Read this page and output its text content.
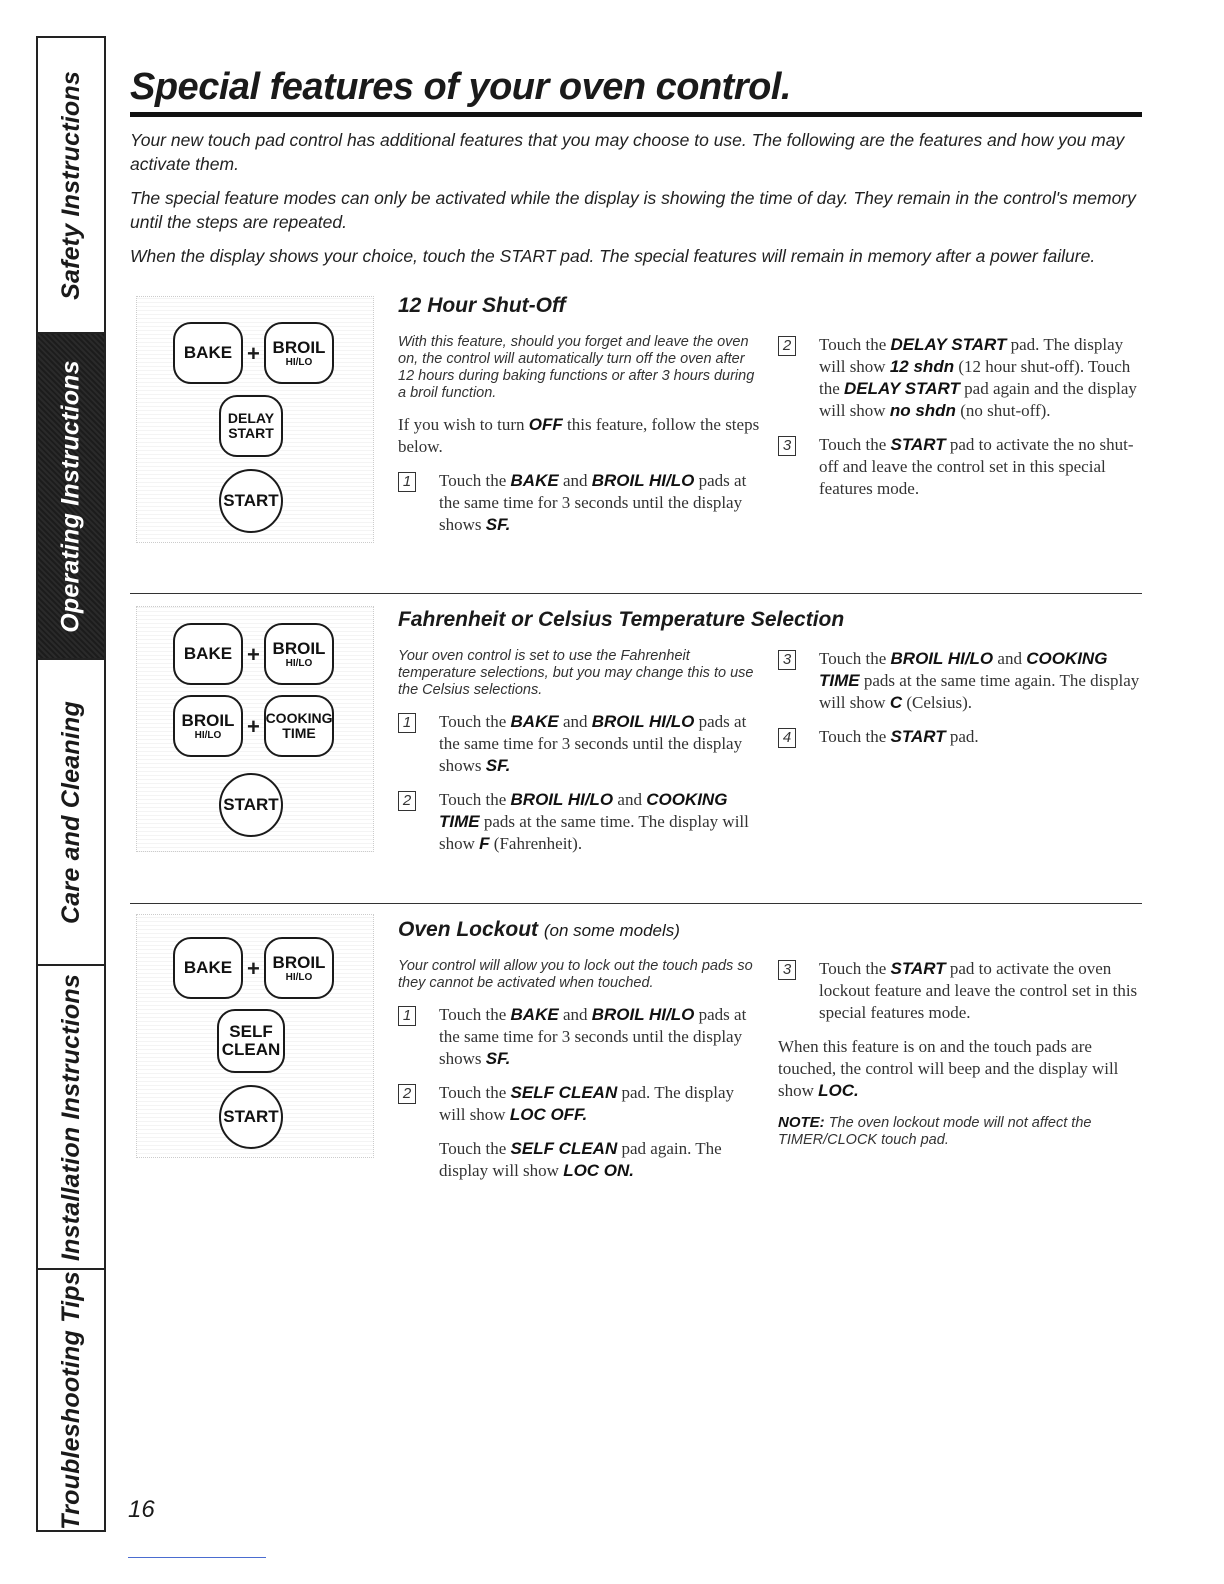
Safety Instructions
Operating Instructions
Care and Cleaning
Installation Instructions
Troubleshooting Tips
Special features of your oven control.

Your new touch pad control has additional features that you may choose to use. The following are the features and how you may activate them.

The special feature modes can only be activated while the display is showing the time of day. They remain in the control's memory until the steps are repeated.

When the display shows your choice, touch the START pad. The special features will remain in memory after a power failure.

BAKE + BROIL
HI/LO
DELAY
START
START
12 Hour Shut-Off

With this feature, should you forget and leave the oven on, the control will automatically turn off the oven after 12 hours during baking functions or after 3 hours during a broil function.

If you wish to turn OFF this feature, follow the steps below.

1 Touch the BAKE and BROIL HI/LO pads at the same time for 3 seconds until the display shows SF.
2 Touch the DELAY START pad. The display will show 12 shdn (12 hour shut-off). Touch the DELAY START pad again and the display will show no shdn (no shut-off).
3 Touch the START pad to activate the no shut-off and leave the control set in this special features mode.
BAKE + BROIL
HI/LO
BROIL
HI/LO + COOKING
TIME
START
Fahrenheit or Celsius Temperature Selection

Your oven control is set to use the Fahrenheit temperature selections, but you may change this to use the Celsius selections.

1 Touch the BAKE and BROIL HI/LO pads at the same time for 3 seconds until the display shows SF.
2 Touch the BROIL HI/LO and COOKING TIME pads at the same time. The display will show F (Fahrenheit).
3 Touch the BROIL HI/LO and COOKING TIME pads at the same time again. The display will show C (Celsius).
4 Touch the START pad.
BAKE + BROIL
HI/LO
SELF
CLEAN
START
Oven Lockout (on some models)

Your control will allow you to lock out the touch pads so they cannot be activated when touched.

1 Touch the BAKE and BROIL HI/LO pads at the same time for 3 seconds until the display shows SF.
2 Touch the SELF CLEAN pad. The display will show LOC OFF.

Touch the SELF CLEAN pad again. The display will show LOC ON.

3 Touch the START pad to activate the oven lockout feature and leave the control set in this special features mode.

When this feature is on and the touch pads are touched, the control will beep and the display will show LOC.

NOTE: The oven lockout mode will not affect the TIMER/CLOCK touch pad.

16
